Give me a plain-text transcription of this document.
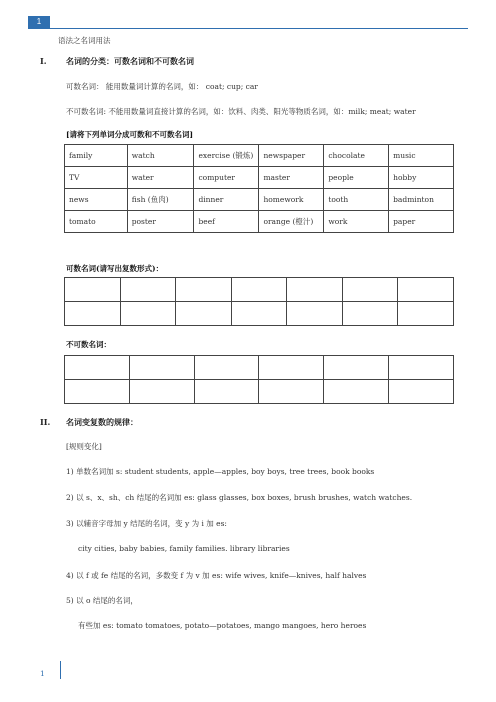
1
语法之名词用法
I. 名词的分类：可数名词和不可数名词
可数名词： 能用数量词计算的名词，如： coat; cup; car
不可数名词: 不能用数量词直接计算的名词，如：饮料、肉类、阳光等物质名词，如：milk; meat; water
[请将下列单词分成可数和不可数名词]
family	watch	exercise (锻炼)	newspaper	chocolate	music
TV	water	computer	master	people	hobby
news	fish (鱼肉)	dinner	homework	tooth	badminton
tomato	poster	beef	orange (橙汁)	work	paper
可数名词(请写出复数形式)：

不可数名词：

II. 名词变复数的规律：
[规则变化]
1) 单数名词加 s: student students, apple—apples, boy boys, tree trees, book books
2) 以 s、x、sh、ch 结尾的名词加 es: glass glasses, box boxes, brush brushes, watch watches.
3) 以辅音字母加 y 结尾的名词，变 y 为 i 加 es:
city cities, baby babies, family families. library libraries
4) 以 f 或 fe 结尾的名词，多数变 f 为 v 加 es: wife wives, knife—knives, half halves
5) 以 o 结尾的名词，
有些加 es: tomato tomatoes, potato—potatoes, mango mangoes, hero heroes
1
